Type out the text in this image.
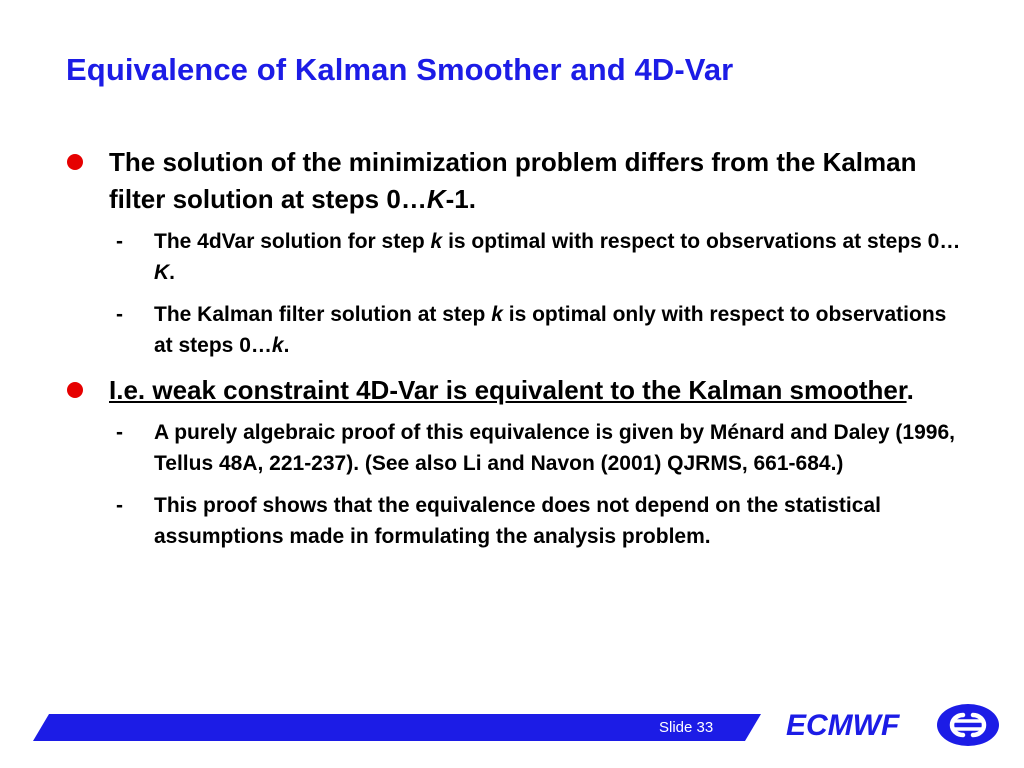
Equivalence of Kalman Smoother and 4D-Var
The solution of the minimization problem differs from the Kalman filter solution at steps 0…K-1.
- The 4dVar solution for step k is optimal with respect to observations at steps 0…K.
- The Kalman filter solution at step k is optimal only with respect to observations at steps 0…k.
I.e. weak constraint 4D-Var is equivalent to the Kalman smoother.
- A purely algebraic proof of this equivalence is given by Ménard and Daley (1996, Tellus 48A, 221-237). (See also Li and Navon (2001) QJRMS, 661-684.)
- This proof shows that the equivalence does not depend on the statistical assumptions made in formulating the analysis problem.
Slide 33 ECMWF
